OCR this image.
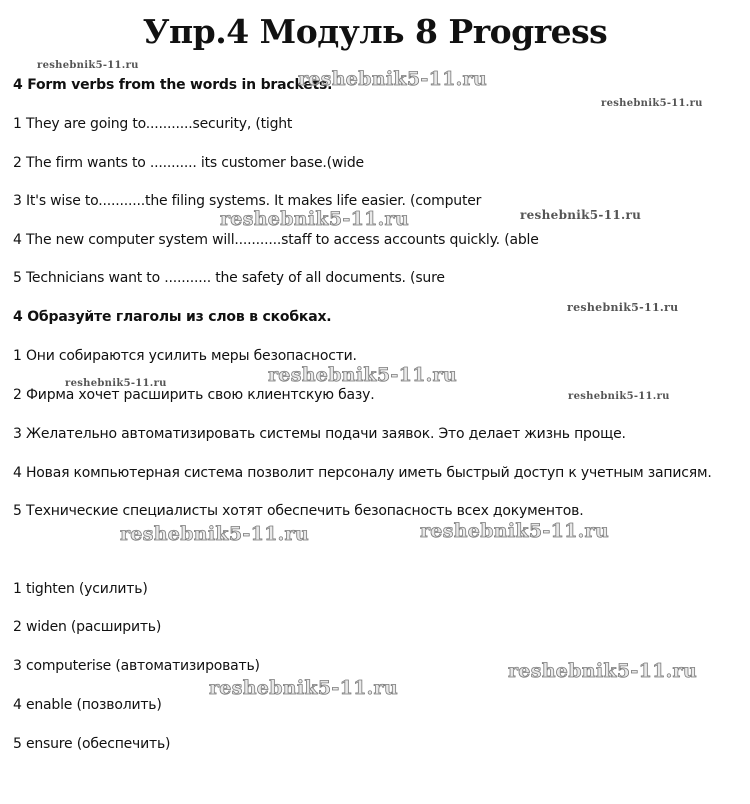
Упр.4 Модуль 8 Progress
4 Form verbs from the words in brackets.
1 They are going to...........security, (tight
2 The firm wants to ........... its customer base.(wide
3 It's wise to...........the filing systems. It makes life easier. (computer
4 The new computer system will...........staff to access accounts quickly. (able
5 Technicians want to ........... the safety of all documents. (sure
4 Образуйте глаголы из слов в скобках.
1 Они собираются усилить меры безопасности.
2 Фирма хочет расширить свою клиентскую базу.
3 Желательно автоматизировать системы подачи заявок. Это делает жизнь проще.
4 Новая компьютерная система позволит персоналу иметь быстрый доступ к учетным записям.
5 Технические специалисты хотят обеспечить безопасность всех документов.
1 tighten (усилить)
2 widen (расширить)
3 computerise (автоматизировать)
4 enable (позволить)
5 ensure (обеспечить)
reshebnik5-11.ru
reshebnik5-11.ru
reshebnik5-11.ru
reshebnik5-11.ru	reshebnik5-11.ru
reshebnik5-11.ru
reshebnik5-11.ru
reshebnik5-11.ru
reshebnik5-11.ru
reshebnik5-11.ru	reshebnik5-11.ru
reshebnik5-11.ru
reshebnik5-11.ru
